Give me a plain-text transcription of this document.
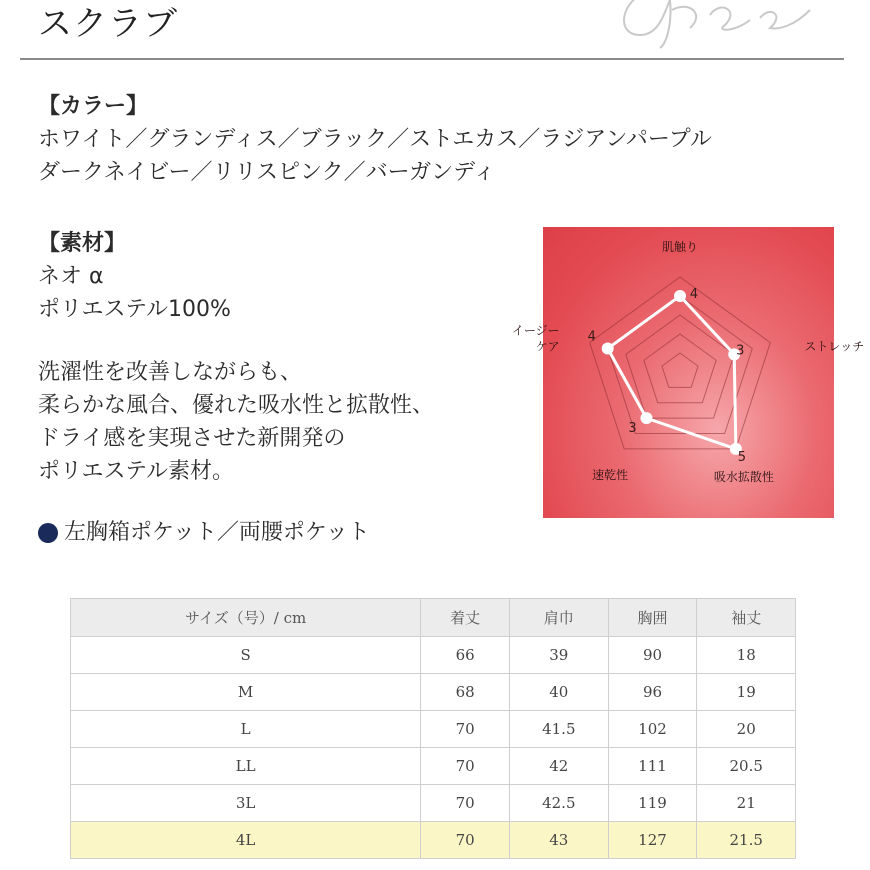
スクラブ
【カラー】
ホワイト／グランディス／ブラック／ストエカス／ラジアンパープル
ダークネイビー／リリスピンク／バーガンディ
【素材】
ネオ α
ポリエステル100%
洗濯性を改善しながらも、
柔らかな風合、優れた吸水性と拡散性、
ドライ感を実現させた新開発の
ポリエステル素材。
左胸箱ポケット／両腰ポケット
4
肌触り
3	ストレッチ
5
吸水拡散性
3
速乾性
4
イージーケア
サイズ（号）/ cm	着丈	肩巾	胸囲	袖丈
S	66	39	90	18
M	68	40	96	19
L	70	41.5	102	20
LL	70	42	111	20.5
3L	70	42.5	119	21
4L	70	43	127	21.5
